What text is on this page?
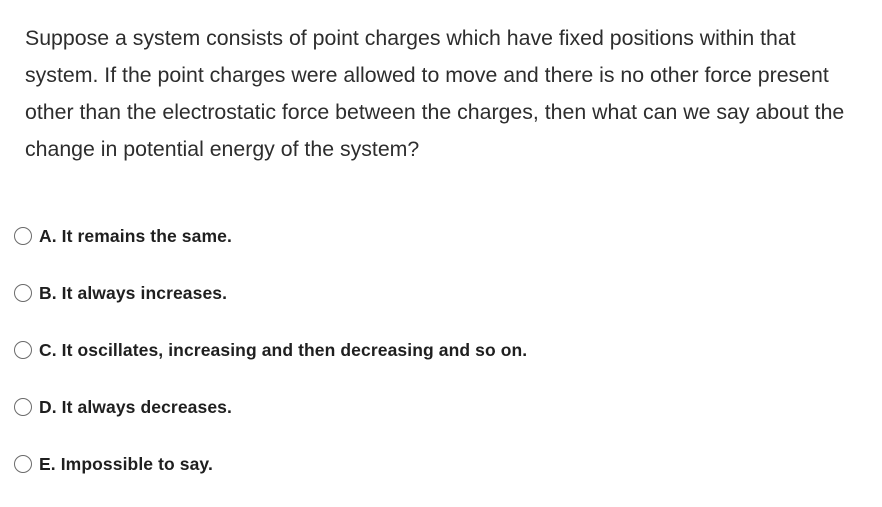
Suppose a system consists of point charges which have fixed positions within that system. If the point charges were allowed to move and there is no other force present other than the electrostatic force between the charges, then what can we say about the change in potential energy of the system?

A. It remains the same.
B. It always increases.
C. It oscillates, increasing and then decreasing and so on.
D. It always decreases.
E. Impossible to say.
